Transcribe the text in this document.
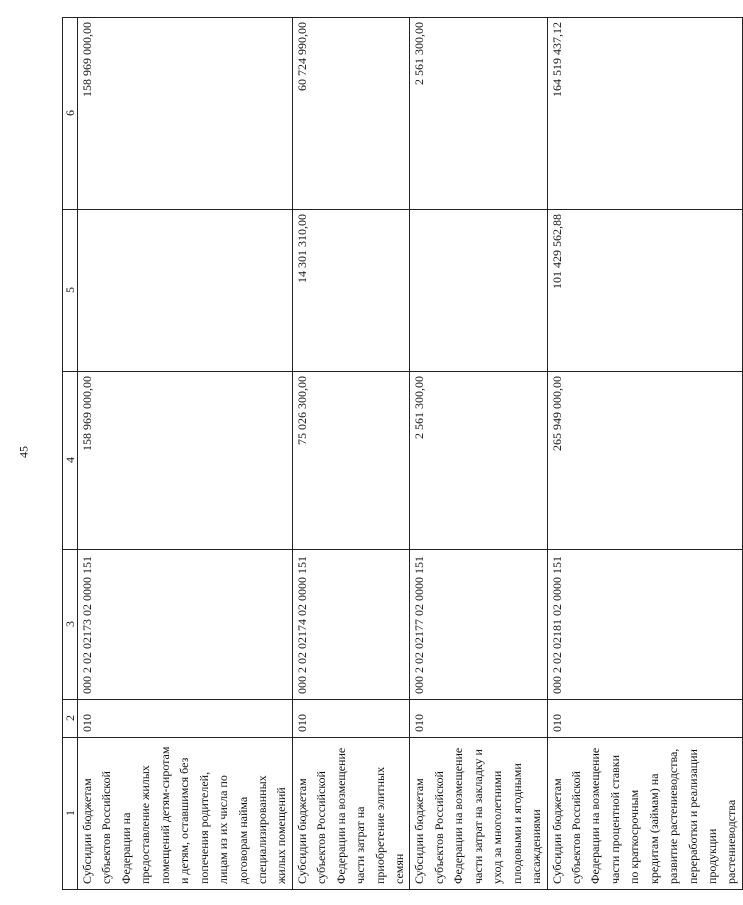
45
1	2	3	4	5	6
Субсидии бюджетам субъектов Российской Федерации на предоставление жилых помещений детям-сиротам и детям, оставшимся без попечения родителей, лицам из их числа по договорам найма специализированных жилых помещений	010	000 2 02 02173 02 0000 151	158 969 000,00		158 969 000,00
Субсидии бюджетам субъектов Российской Федерации на возмещение части затрат на приобретение элитных семян	010	000 2 02 02174 02 0000 151	75 026 300,00	14 301 310,00	60 724 990,00
Субсидии бюджетам субъектов Российской Федерации на возмещение части затрат на закладку и уход за многолетними плодовыми и ягодными насаждениями	010	000 2 02 02177 02 0000 151	2 561 300,00		2 561 300,00
Субсидии бюджетам субъектов Российской Федерации на возмещение части процентной ставки по краткосрочным кредитам (займам) на развитие растениеводства, переработки и реализации продукции растениеводства	010	000 2 02 02181 02 0000 151	265 949 000,00	101 429 562,88	164 519 437,12
